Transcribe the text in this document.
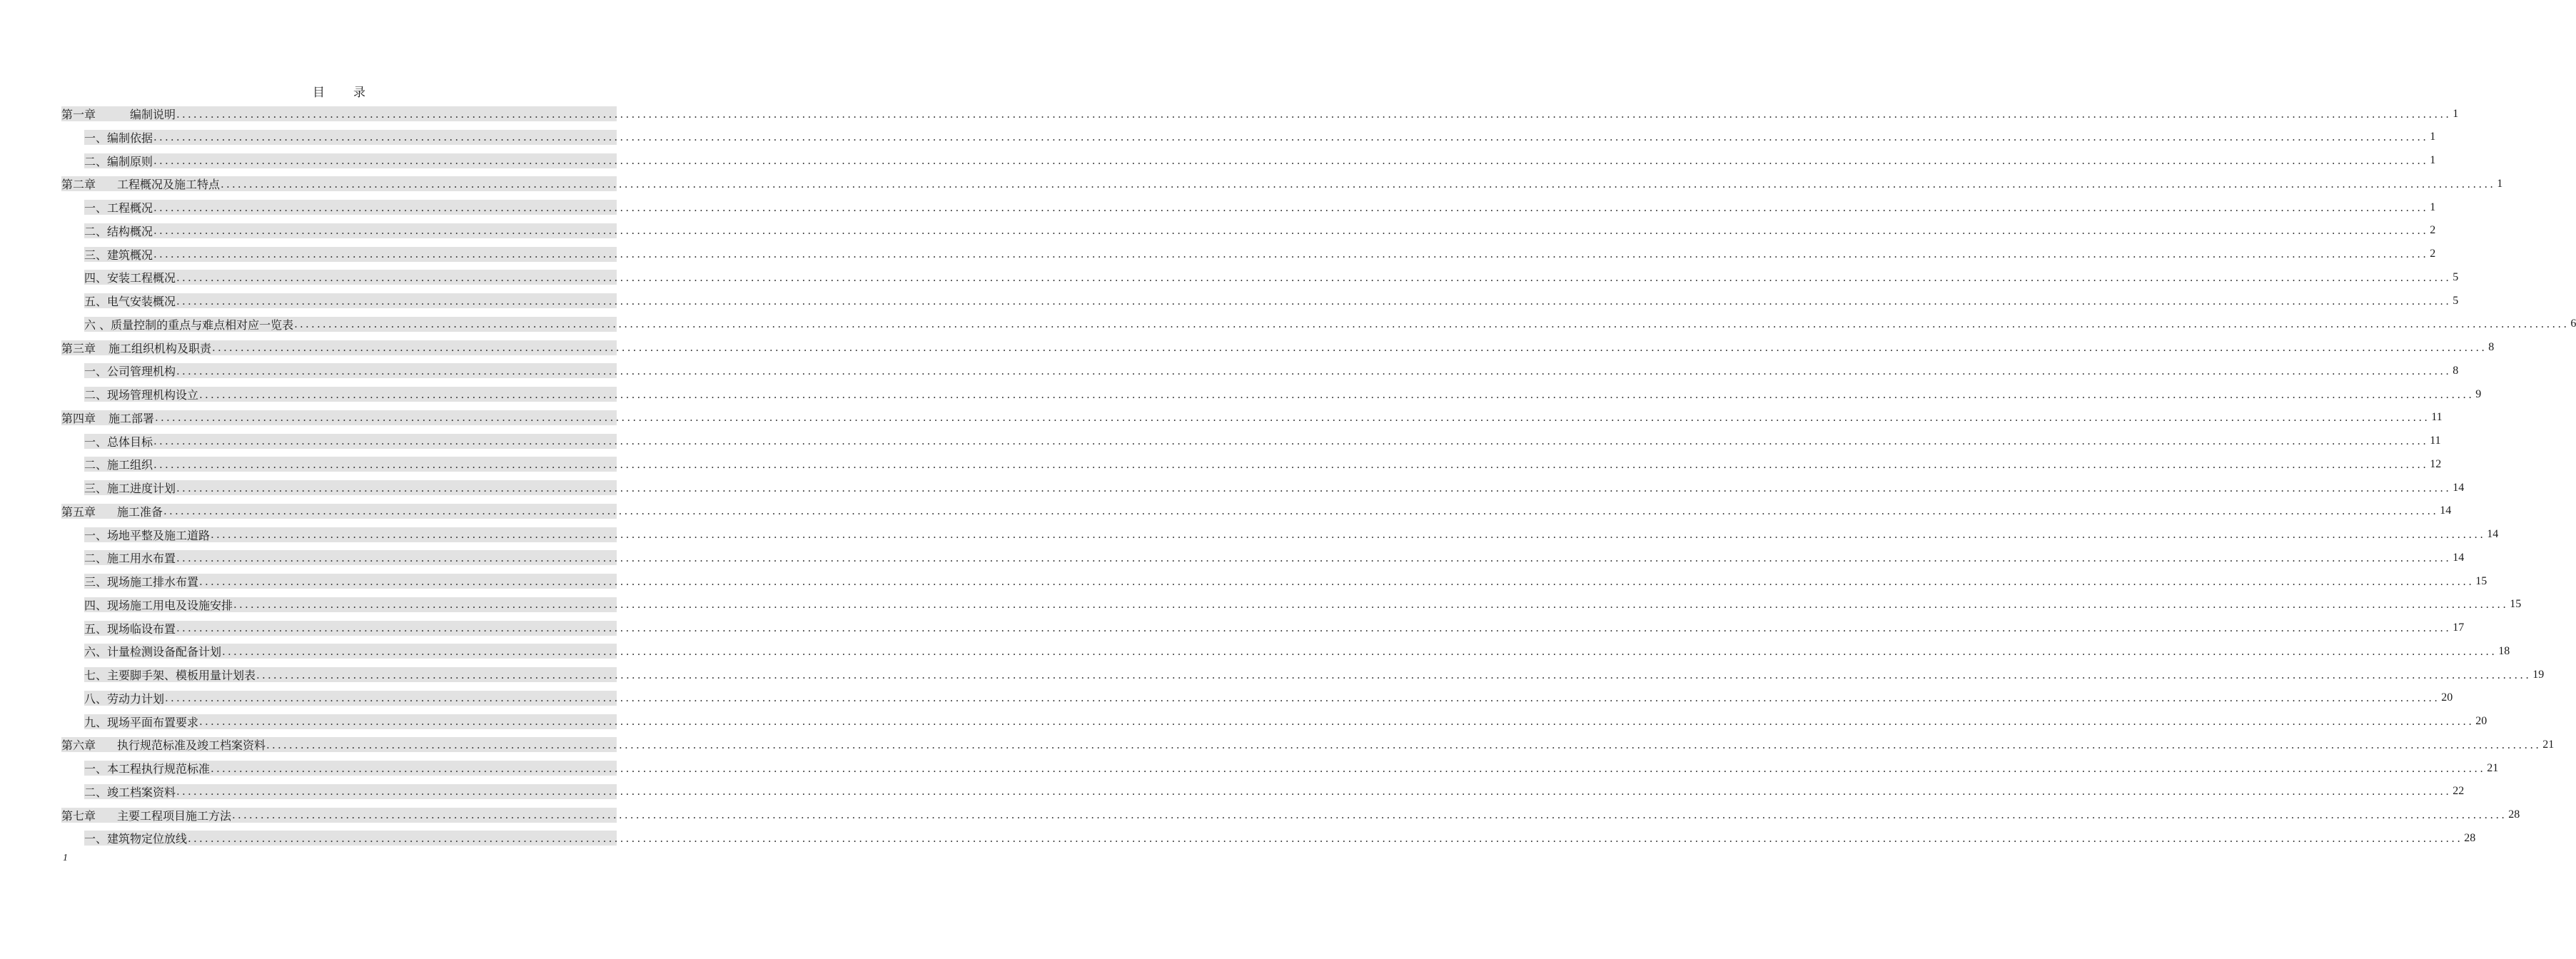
目 录
第一章	编制说明 ................................................................................................................................................................................................................................................................................................................................................................................................................ 1
一、编制依据 ................................................................................................................................................................................................................................................................................................................................................................................................................ 1
二、编制原则 ................................................................................................................................................................................................................................................................................................................................................................................................................ 1
第二章 工程概况及施工特点 ................................................................................................................................................................................................................................................................................................................................................................................................................ 1
一、工程概况 ................................................................................................................................................................................................................................................................................................................................................................................................................ 1
二、结构概况 ................................................................................................................................................................................................................................................................................................................................................................................................................ 2
三、建筑概况 ................................................................................................................................................................................................................................................................................................................................................................................................................ 2
四、安装工程概况 ................................................................................................................................................................................................................................................................................................................................................................................................................ 5
五、电气安装概况 ................................................................................................................................................................................................................................................................................................................................................................................................................ 5
六 、质量控制的重点与难点相对应一览表 ................................................................................................................................................................................................................................................................................................................................................................................................................ 6
第三章 施工组织机构及职责 ................................................................................................................................................................................................................................................................................................................................................................................................................ 8
一、公司管理机构 ................................................................................................................................................................................................................................................................................................................................................................................................................ 8
二、现场管理机构设立 ................................................................................................................................................................................................................................................................................................................................................................................................................ 9
第四章 施工部署 ................................................................................................................................................................................................................................................................................................................................................................................................................ 11
一、总体目标 ................................................................................................................................................................................................................................................................................................................................................................................................................ 11
二、施工组织 ................................................................................................................................................................................................................................................................................................................................................................................................................ 12
三、施工进度计划 ................................................................................................................................................................................................................................................................................................................................................................................................................ 14
第五章 施工准备 ................................................................................................................................................................................................................................................................................................................................................................................................................ 14
一、场地平整及施工道路 ................................................................................................................................................................................................................................................................................................................................................................................................................ 14
二、施工用水布置 ................................................................................................................................................................................................................................................................................................................................................................................................................ 14
三、现场施工排水布置 ................................................................................................................................................................................................................................................................................................................................................................................................................ 15
四、现场施工用电及设施安排 ................................................................................................................................................................................................................................................................................................................................................................................................................ 15
五、现场临设布置 ................................................................................................................................................................................................................................................................................................................................................................................................................ 17
六、计量检测设备配备计划 ................................................................................................................................................................................................................................................................................................................................................................................................................ 18
七、主要脚手架、模板用量计划表 ................................................................................................................................................................................................................................................................................................................................................................................................................ 19
八、劳动力计划 ................................................................................................................................................................................................................................................................................................................................................................................................................ 20
九、现场平面布置要求 ................................................................................................................................................................................................................................................................................................................................................................................................................ 20
第六章 执行规范标准及竣工档案资料 ................................................................................................................................................................................................................................................................................................................................................................................................................ 21
一、本工程执行规范标准 ................................................................................................................................................................................................................................................................................................................................................................................................................ 21
二、竣工档案资料 ................................................................................................................................................................................................................................................................................................................................................................................................................ 22
第七章 主要工程项目施工方法 ................................................................................................................................................................................................................................................................................................................................................................................................................ 28
一、建筑物定位放线 ................................................................................................................................................................................................................................................................................................................................................................................................................ 28
1
